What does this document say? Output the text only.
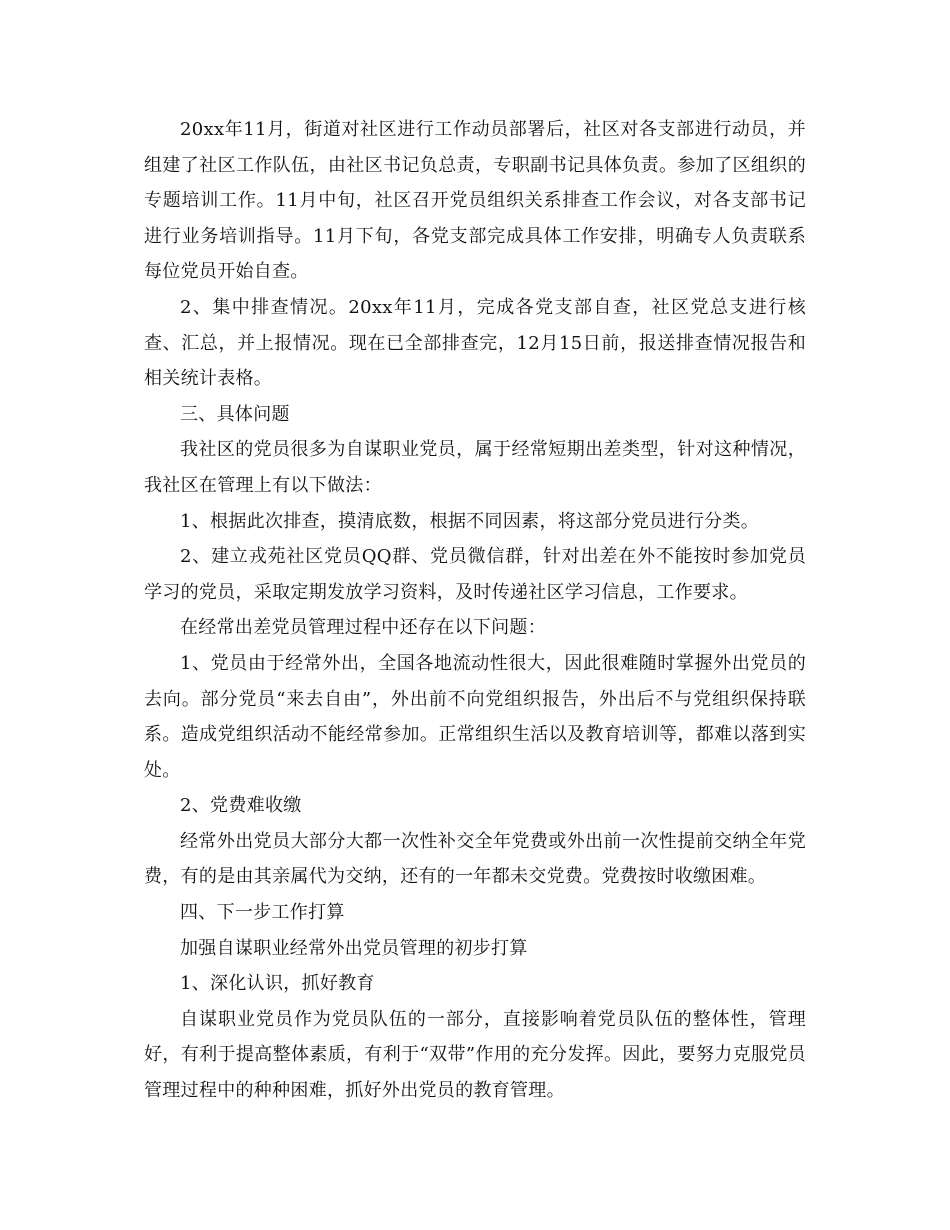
20xx年11月，街道对社区进行工作动员部署后，社区对各支部进行动员，并组建了社区工作队伍，由社区书记负总责，专职副书记具体负责。参加了区组织的专题培训工作。11月中旬，社区召开党员组织关系排查工作会议，对各支部书记进行业务培训指导。11月下旬，各党支部完成具体工作安排，明确专人负责联系每位党员开始自查。

2、集中排查情况。20xx年11月，完成各党支部自查，社区党总支进行核查、汇总，并上报情况。现在已全部排查完，12月15日前，报送排查情况报告和相关统计表格。

三、具体问题

我社区的党员很多为自谋职业党员，属于经常短期出差类型，针对这种情况，我社区在管理上有以下做法：

1、根据此次排查，摸清底数，根据不同因素，将这部分党员进行分类。

2、建立戎苑社区党员QQ群、党员微信群，针对出差在外不能按时参加党员学习的党员，采取定期发放学习资料，及时传递社区学习信息，工作要求。

在经常出差党员管理过程中还存在以下问题：

1、党员由于经常外出，全国各地流动性很大，因此很难随时掌握外出党员的去向。部分党员“来去自由”，外出前不向党组织报告，外出后不与党组织保持联系。造成党组织活动不能经常参加。正常组织生活以及教育培训等，都难以落到实处。

2、党费难收缴

经常外出党员大部分大都一次性补交全年党费或外出前一次性提前交纳全年党费，有的是由其亲属代为交纳，还有的一年都未交党费。党费按时收缴困难。

四、下一步工作打算

加强自谋职业经常外出党员管理的初步打算

1、深化认识，抓好教育

自谋职业党员作为党员队伍的一部分，直接影响着党员队伍的整体性，管理好，有利于提高整体素质，有利于“双带”作用的充分发挥。因此，要努力克服党员管理过程中的种种困难，抓好外出党员的教育管理。
